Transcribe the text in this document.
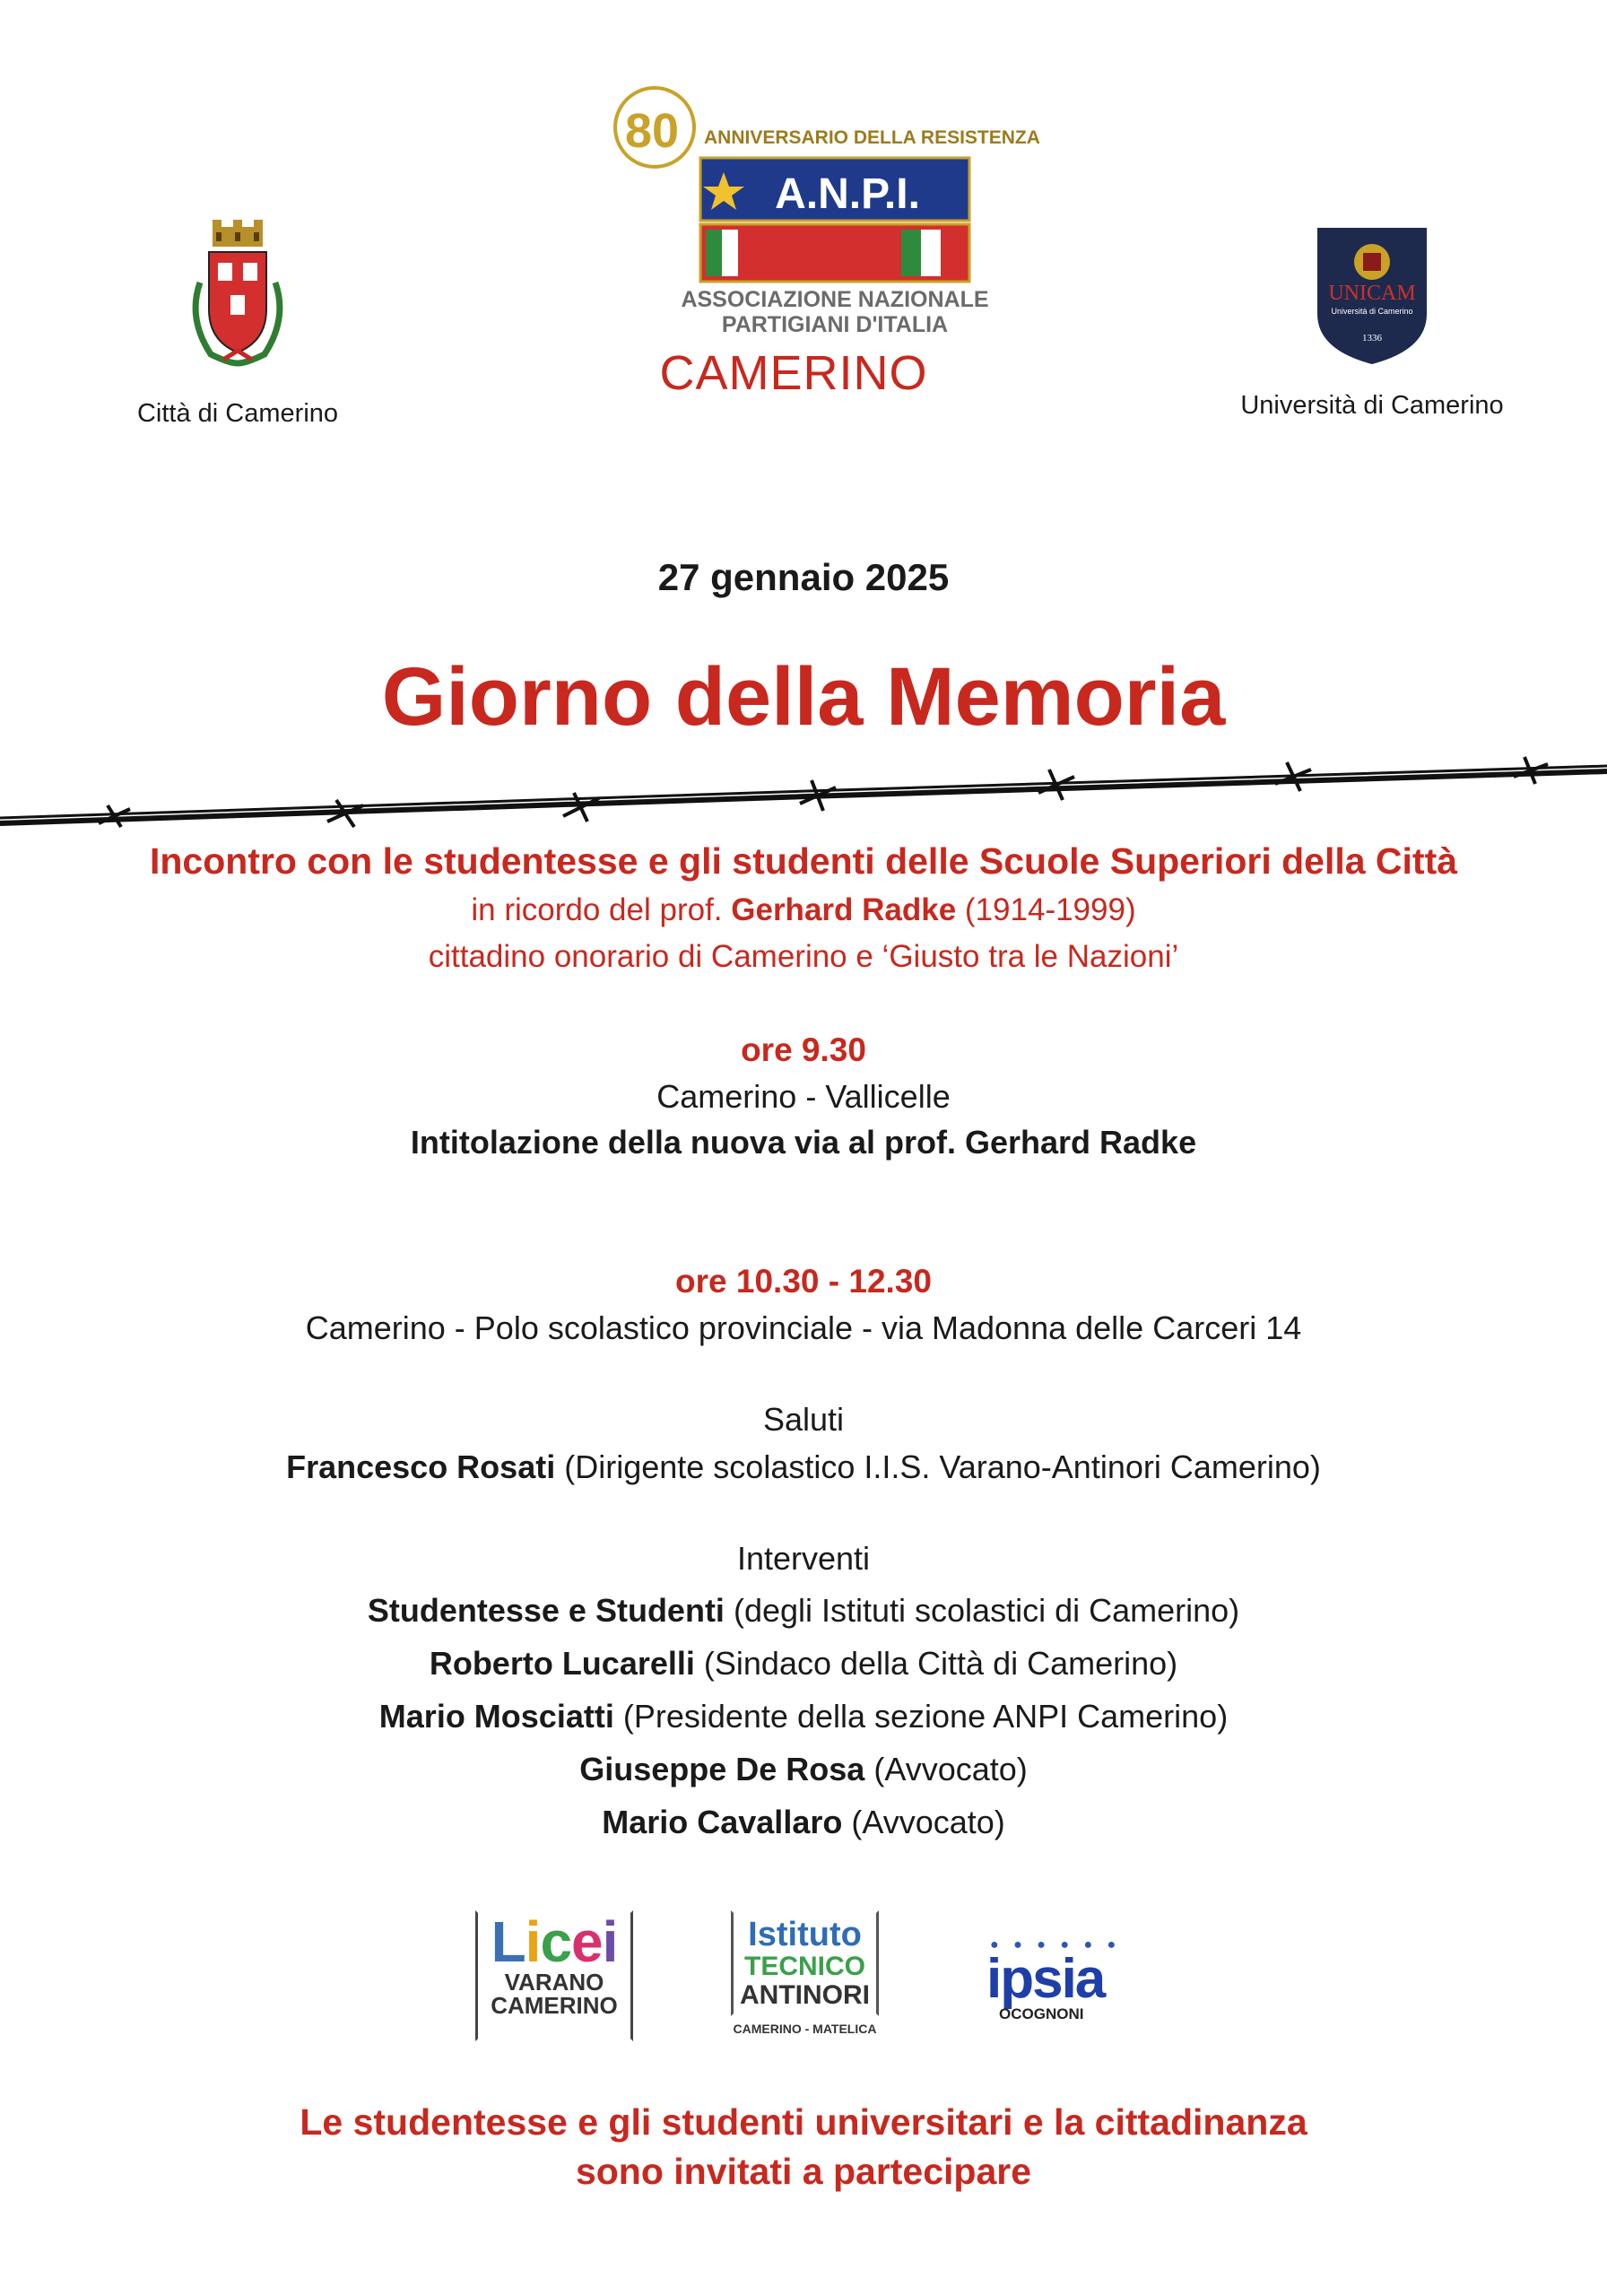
Città di Camerino
80 ANNIVERSARIO DELLA RESISTENZA
A.N.P.I.
ASSOCIAZIONE NAZIONALE
PARTIGIANI D'ITALIA
CAMERINO
UNICAM
Università di Camerino
1336
Università di Camerino
27 gennaio 2025
Giorno della Memoria
Incontro con le studentesse e gli studenti delle Scuole Superiori della Città
in ricordo del prof. Gerhard Radke (1914-1999)
cittadino onorario di Camerino e ‘Giusto tra le Nazioni’
ore 9.30
Camerino - Vallicelle
Intitolazione della nuova via al prof. Gerhard Radke
ore 10.30 - 12.30
Camerino - Polo scolastico provinciale - via Madonna delle Carceri 14
Saluti
Francesco Rosati (Dirigente scolastico I.I.S. Varano-Antinori Camerino)
Interventi
Studentesse e Studenti (degli Istituti scolastici di Camerino)
Roberto Lucarelli (Sindaco della Città di Camerino)
Mario Mosciatti (Presidente della sezione ANPI Camerino)
Giuseppe De Rosa (Avvocato)
Mario Cavallaro (Avvocato)
Licei
VARANO
CAMERINO
Istituto
TECNICO
ANTINORI
CAMERINO - MATELICA
● ● ● ● ● ●
ipsia
OCOGNONI
Le studentesse e gli studenti universitari e la cittadinanza
sono invitati a partecipare
